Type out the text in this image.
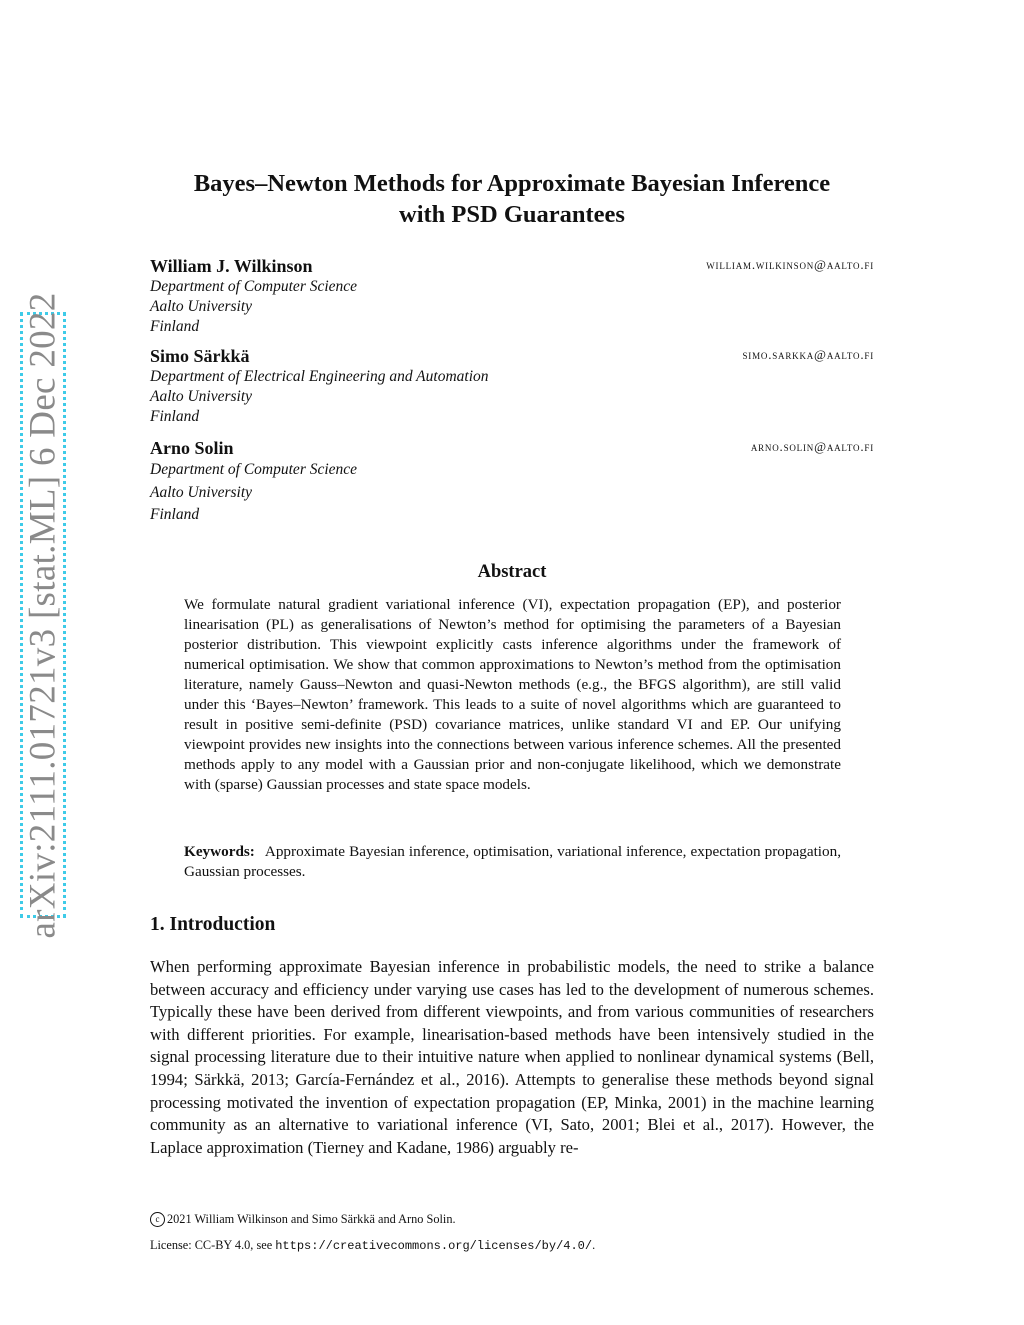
arXiv:2111.01721v3 [stat.ML] 6 Dec 2022
Bayes–Newton Methods for Approximate Bayesian Inference
with PSD Guarantees
William J. Wilkinson	william.wilkinson@aalto.fi
Department of Computer Science
Aalto University
Finland
Simo Särkkä	simo.sarkka@aalto.fi
Department of Electrical Engineering and Automation
Aalto University
Finland
Arno Solin	arno.solin@aalto.fi
Department of Computer Science
Aalto University
Finland
Abstract

We formulate natural gradient variational inference (VI), expectation propagation (EP), and posterior linearisation (PL) as generalisations of Newton’s method for optimising the parameters of a Bayesian posterior distribution. This viewpoint explicitly casts inference algorithms under the framework of numerical optimisation. We show that common approximations to Newton’s method from the optimisation literature, namely Gauss–Newton and quasi-Newton methods (e.g., the BFGS algorithm), are still valid under this ‘Bayes–Newton’ framework. This leads to a suite of novel algorithms which are guaranteed to result in positive semi-definite (PSD) covariance matrices, unlike standard VI and EP. Our unifying viewpoint provides new insights into the connections between various inference schemes. All the presented methods apply to any model with a Gaussian prior and non-conjugate likelihood, which we demonstrate with (sparse) Gaussian processes and state space models.

Keywords: Approximate Bayesian inference, optimisation, variational inference, expectation propagation, Gaussian processes.

1. Introduction

When performing approximate Bayesian inference in probabilistic models, the need to strike a balance between accuracy and efficiency under varying use cases has led to the development of numerous schemes. Typically these have been derived from different viewpoints, and from various communities of researchers with different priorities. For example, linearisation-based methods have been intensively studied in the signal processing literature due to their intuitive nature when applied to nonlinear dynamical systems (Bell, 1994; Särkkä, 2013; García-Fernández et al., 2016). Attempts to generalise these methods beyond signal processing motivated the invention of expectation propagation (EP, Minka, 2001) in the machine learning community as an alternative to variational inference (VI, Sato, 2001; Blei et al., 2017). However, the Laplace approximation (Tierney and Kadane, 1986) arguably re-

c 2021 William Wilkinson and Simo Särkkä and Arno Solin.
License: CC-BY 4.0, see https://creativecommons.org/licenses/by/4.0/.
